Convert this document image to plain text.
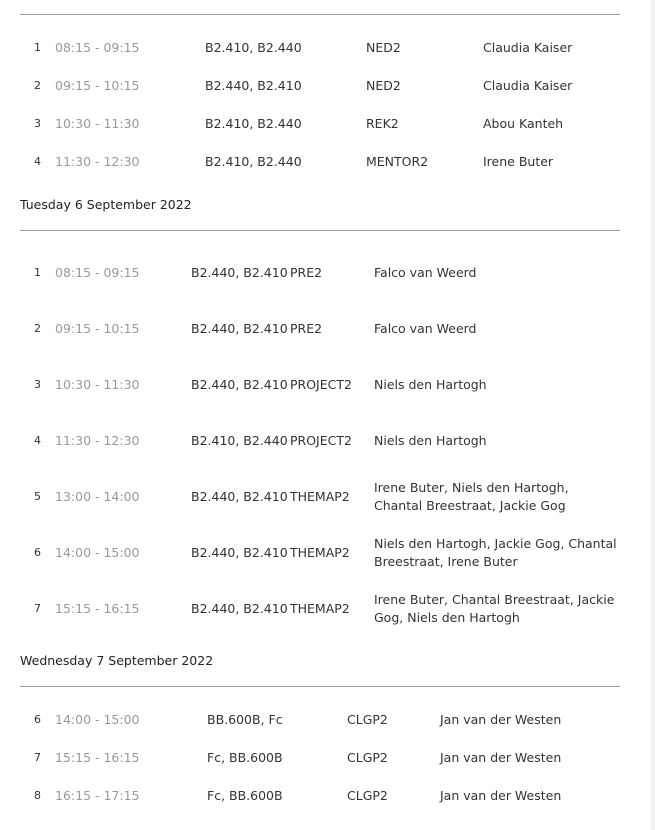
1	08:15 - 09:15	B2.410, B2.440	NED2	Claudia Kaiser
2	09:15 - 10:15	B2.440, B2.410	NED2	Claudia Kaiser
3	10:30 - 11:30	B2.410, B2.440	REK2	Abou Kanteh
4	11:30 - 12:30	B2.410, B2.440	MENTOR2	Irene Buter
Tuesday 6 September 2022
1	08:15 - 09:15	B2.440, B2.410	PRE2	Falco van Weerd
2	09:15 - 10:15	B2.440, B2.410	PRE2	Falco van Weerd
3	10:30 - 11:30	B2.440, B2.410	PROJECT2	Niels den Hartogh
4	11:30 - 12:30	B2.410, B2.440	PROJECT2	Niels den Hartogh
5	13:00 - 14:00	B2.440, B2.410	THEMAP2	Irene Buter, Niels den Hartogh, Chantal Breestraat, Jackie Gog
6	14:00 - 15:00	B2.440, B2.410	THEMAP2	Niels den Hartogh, Jackie Gog, Chantal Breestraat, Irene Buter
7	15:15 - 16:15	B2.440, B2.410	THEMAP2	Irene Buter, Chantal Breestraat, Jackie Gog, Niels den Hartogh
Wednesday 7 September 2022
6	14:00 - 15:00	BB.600B, Fc	CLGP2	Jan van der Westen
7	15:15 - 16:15	Fc, BB.600B	CLGP2	Jan van der Westen
8	16:15 - 17:15	Fc, BB.600B	CLGP2	Jan van der Westen
